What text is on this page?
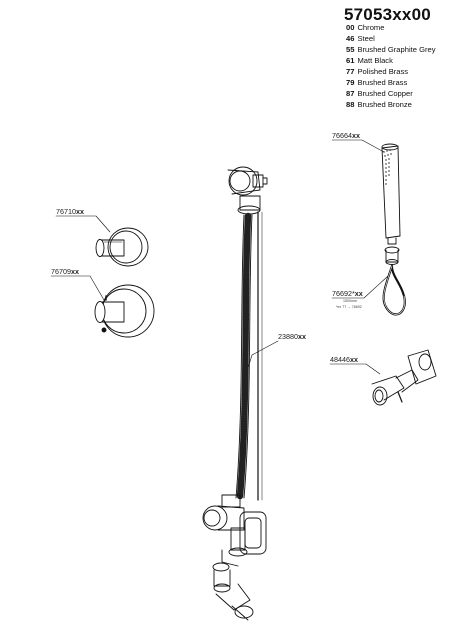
57053xx00
00 Chrome
46 Steel
55 Brushed Graphite Grey
61 Matt Black
77 Polished Brass
79 Brushed Brass
87 Brushed Copper
88 Brushed Bronze
76664xx
76710xx
76709xx
76692*xx
1500mm
*ex 77 → 76692
23880xx
48446xx
